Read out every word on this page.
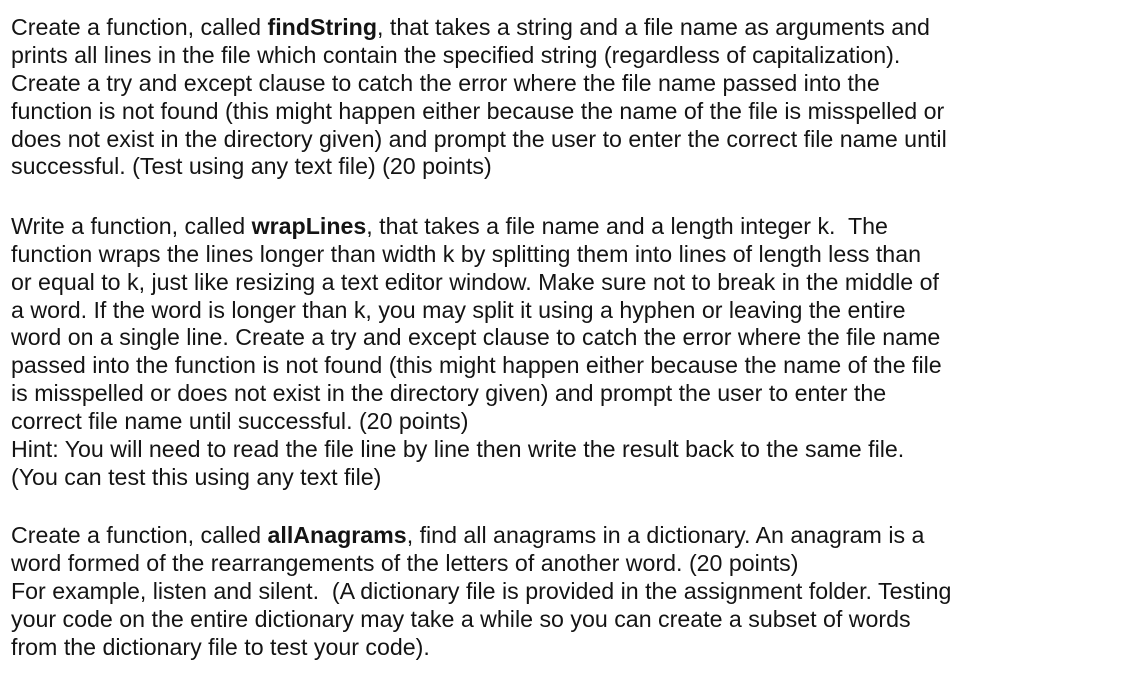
Create a function, called findString, that takes a string and a file name as arguments and
prints all lines in the file which contain the specified string (regardless of capitalization).
Create a try and except clause to catch the error where the file name passed into the
function is not found (this might happen either because the name of the file is misspelled or
does not exist in the directory given) and prompt the user to enter the correct file name until
successful. (Test using any text file) (20 points)
Write a function, called wrapLines, that takes a file name and a length integer k.  The
function wraps the lines longer than width k by splitting them into lines of length less than
or equal to k, just like resizing a text editor window. Make sure not to break in the middle of
a word. If the word is longer than k, you may split it using a hyphen or leaving the entire
word on a single line. Create a try and except clause to catch the error where the file name
passed into the function is not found (this might happen either because the name of the file
is misspelled or does not exist in the directory given) and prompt the user to enter the
correct file name until successful. (20 points)
Hint: You will need to read the file line by line then write the result back to the same file.
(You can test this using any text file)
Create a function, called allAnagrams, find all anagrams in a dictionary. An anagram is a
word formed of the rearrangements of the letters of another word. (20 points)
For example, listen and silent.  (A dictionary file is provided in the assignment folder. Testing
your code on the entire dictionary may take a while so you can create a subset of words
from the dictionary file to test your code).
